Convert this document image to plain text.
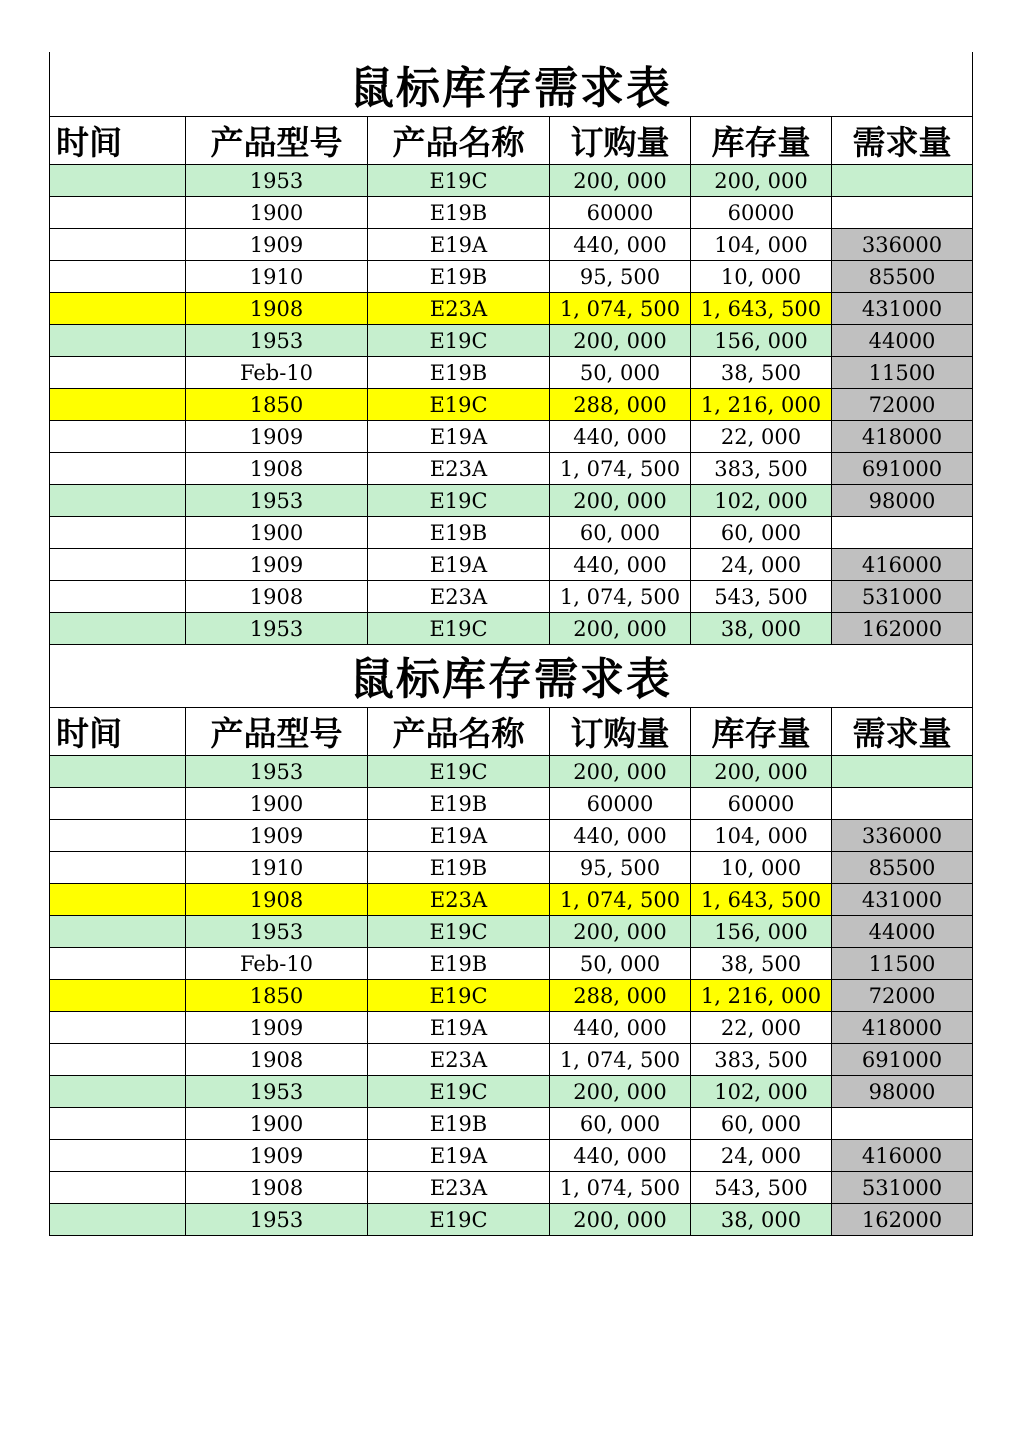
鼠标库存需求表					
时间	产品型号	产品名称	订购量	库存量	需求量
	1953	E19C	200, 000	200, 000	
	1900	E19B	60000	60000	
	1909	E19A	440, 000	104, 000	336000
	1910	E19B	95, 500	10, 000	85500
	1908	E23A	1, 074, 500	1, 643, 500	431000
	1953	E19C	200, 000	156, 000	44000
	Feb-10	E19B	50, 000	38, 500	11500
	1850	E19C	288, 000	1, 216, 000	72000
	1909	E19A	440, 000	22, 000	418000
	1908	E23A	1, 074, 500	383, 500	691000
	1953	E19C	200, 000	102, 000	98000
	1900	E19B	60, 000	60, 000	
	1909	E19A	440, 000	24, 000	416000
	1908	E23A	1, 074, 500	543, 500	531000
	1953	E19C	200, 000	38, 000	162000
鼠标库存需求表					
时间	产品型号	产品名称	订购量	库存量	需求量
	1953	E19C	200, 000	200, 000	
	1900	E19B	60000	60000	
	1909	E19A	440, 000	104, 000	336000
	1910	E19B	95, 500	10, 000	85500
	1908	E23A	1, 074, 500	1, 643, 500	431000
	1953	E19C	200, 000	156, 000	44000
	Feb-10	E19B	50, 000	38, 500	11500
	1850	E19C	288, 000	1, 216, 000	72000
	1909	E19A	440, 000	22, 000	418000
	1908	E23A	1, 074, 500	383, 500	691000
	1953	E19C	200, 000	102, 000	98000
	1900	E19B	60, 000	60, 000	
	1909	E19A	440, 000	24, 000	416000
	1908	E23A	1, 074, 500	543, 500	531000
	1953	E19C	200, 000	38, 000	162000
